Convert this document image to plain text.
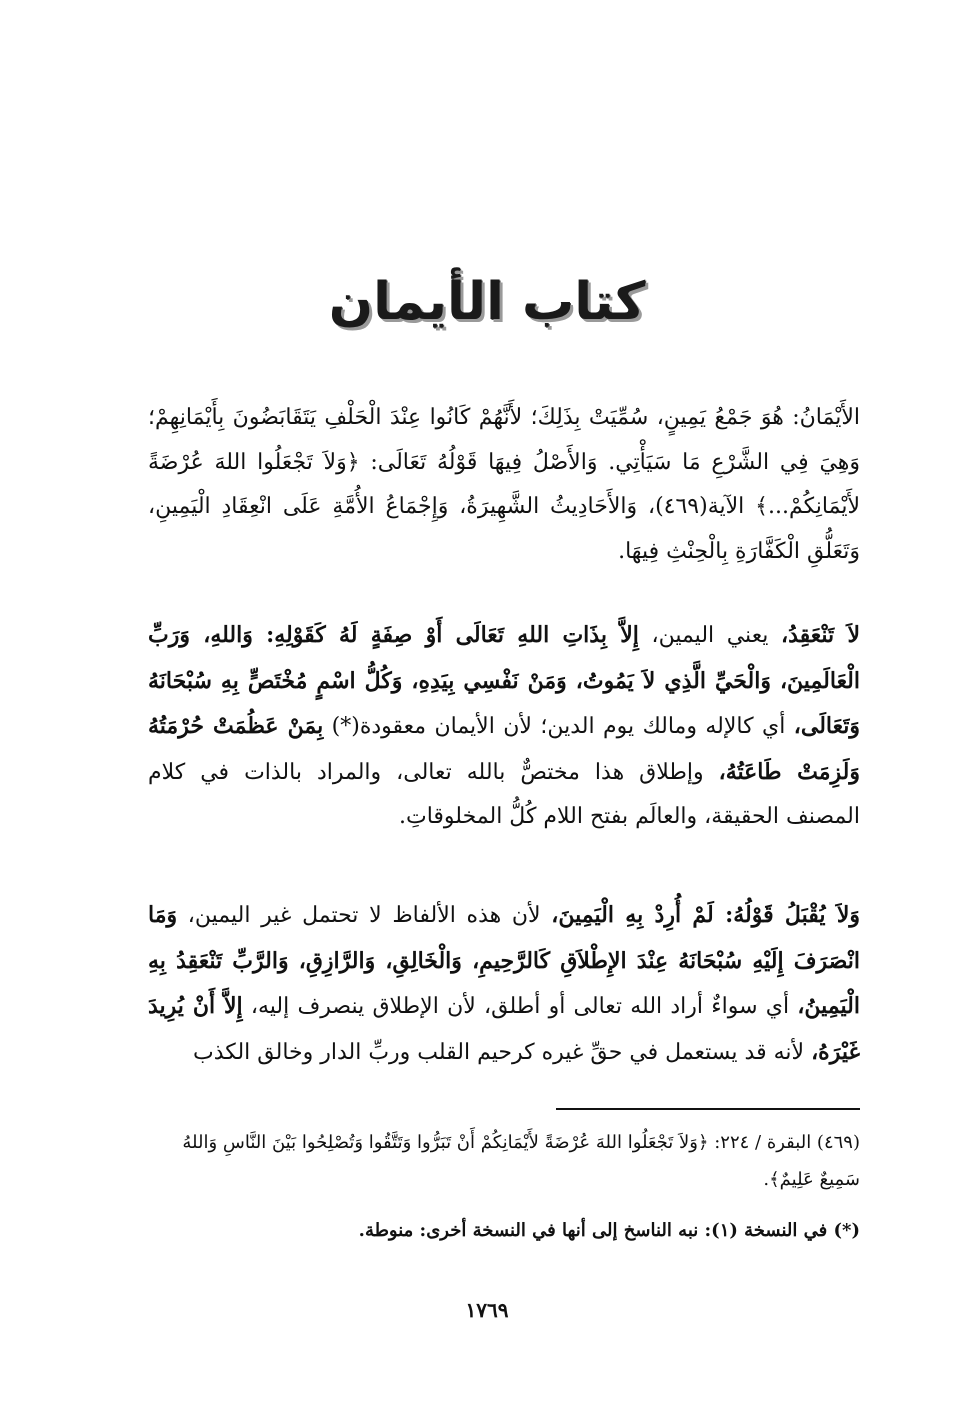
كتاب الأيمان
الأَيْمَانُ: هُوَ جَمْعُ يَمِينٍ، سُمِّيَتْ بِذَلِكَ؛ لأَنَّهُمْ كَانُوا عِنْدَ الْحَلْفِ يَتَقَابَضُونَ بِأَيْمَانِهِمْ؛ وَهِيَ فِي الشَّرْعِ مَا سَيَأْتِي. وَالأَصْلُ فِيهَا قَوْلُهُ تَعَالَى: ﴿وَلاَ تَجْعَلُوا اللهَ عُرْضَةً لأَيْمَانِكُمْ...﴾ الآية(٤٦٩)، وَالأَحَادِيثُ الشَّهِيرَةُ، وَإِجْمَاعُ الأُمَّةِ عَلَى انْعِقَادِ الْيَمِينِ، وَتَعَلُّقِ الْكَفَّارَةِ بِالْحِنْثِ فِيهَا.
لاَ تَنْعَقِدُ، يعني اليمين، إِلاَّ بِذَاتِ اللهِ تَعَالَى أَوْ صِفَةٍ لَهُ كَقَوْلِهِ: وَاللهِ، وَرَبِّ الْعَالَمِينَ، وَالْحَيِّ الَّذِي لاَ يَمُوتُ، وَمَنْ نَفْسِي بِيَدِهِ، وَكُلُّ اسْمٍ مُخْتَصٍّ بِهِ سُبْحَانَهُ وَتَعَالَى، أي كالإله ومالك يوم الدين؛ لأن الأيمان معقودة(*) بِمَنْ عَظُمَتْ حُرْمَتُهُ وَلَزِمَتْ طَاعَتُهُ، وإطلاق هذا مختصٌّ بالله تعالى، والمراد بالذات في كلام المصنف الحقيقة، والعالَم بفتح اللام كُلُّ المخلوقاتِ.
وَلاَ يُقْبَلُ قَوْلُهُ: لَمْ أُرِدْ بِهِ الْيَمِينَ، لأن هذه الألفاظ لا تحتمل غير اليمين، وَمَا انْصَرَفَ إِلَيْهِ سُبْحَانَهُ عِنْدَ الإِطْلاَقِ كَالرَّحِيمِ، وَالْخَالِقِ، وَالرَّازِقِ، وَالرَّبِّ تَنْعَقِدُ بِهِ الْيَمِينُ، أي سواءٌ أراد الله تعالى أو أطلق، لأن الإطلاق ينصرف إليه، إِلاَّ أَنْ يُرِيدَ غَيْرَهُ، لأنه قد يستعمل في حقِّ غيره كرحيم القلب وربِّ الدار وخالق الكذب
(٤٦٩) البقرة / ٢٢٤: ﴿وَلاَ تَجْعَلُوا اللهَ عُرْضَةً لأَيْمَانِكُمْ أَنْ تَبَرُّوا وَتَتَّقُوا وَتُصْلِحُوا بَيْنَ النَّاسِ وَاللهُ سَمِيعٌ عَلِيمٌ﴾.
(*) في النسخة (١): نبه الناسخ إلى أنها في النسخة أخرى: منوطة.
١٧٦٩
